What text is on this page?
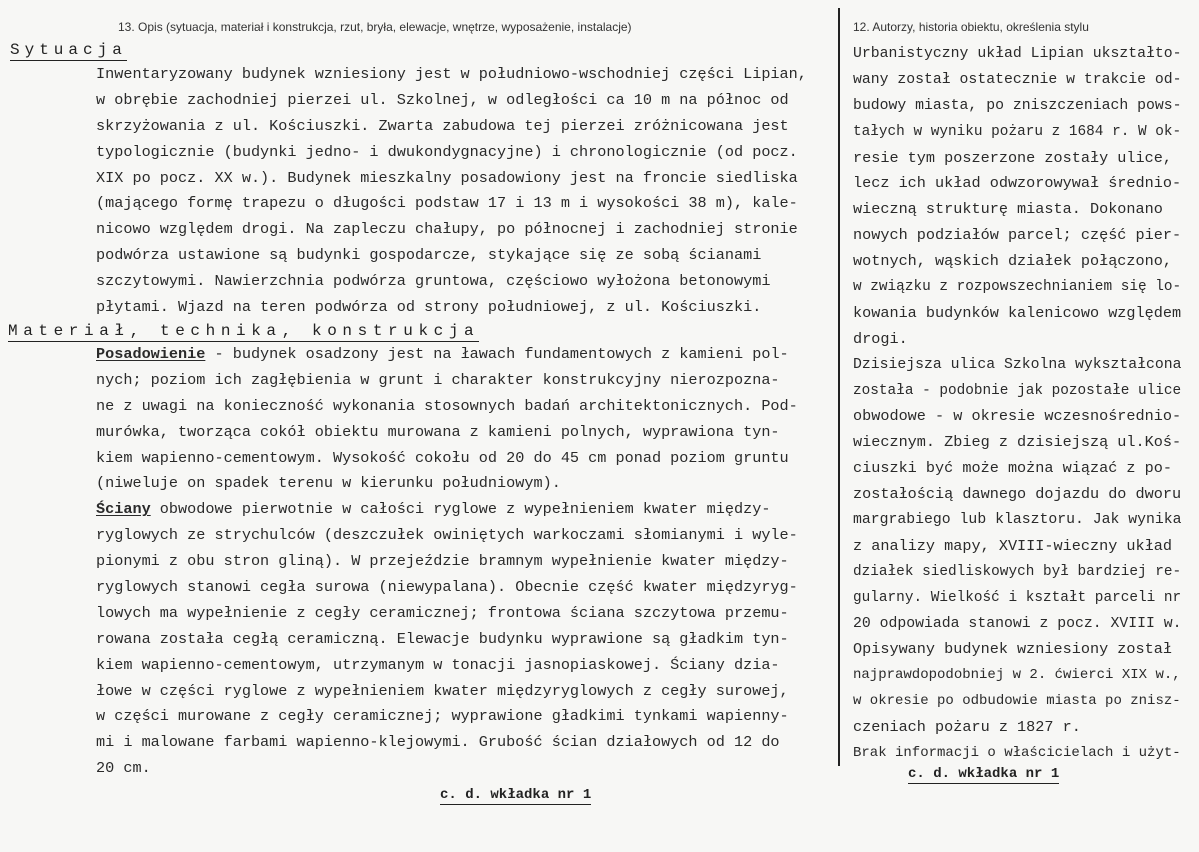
13. Opis (sytuacja, materiał i konstrukcja, rzut, bryła, elewacje, wnętrze, wyposażenie, instalacje)	12. Autorzy, historia obiektu, określenia stylu
Sytuacja
Inwentaryzowany budynek wzniesiony jest w południowo-wschodniej części Lipian,
w obrębie zachodniej pierzei ul. Szkolnej, w odległości ca 10 m na północ od
skrzyżowania z ul. Kościuszki. Zwarta zabudowa tej pierzei zróżnicowana jest
typologicznie (budynki jedno- i dwukondygnacyjne) i chronologicznie (od pocz.
XIX po pocz. XX w.). Budynek mieszkalny posadowiony jest na froncie siedliska
(mającego formę trapezu o długości podstaw 17 i 13 m i wysokości 38 m), kale-
nicowo względem drogi. Na zapleczu chałupy, po północnej i zachodniej stronie
podwórza ustawione są budynki gospodarcze, stykające się ze sobą ścianami
szczytowymi. Nawierzchnia podwórza gruntowa, częściowo wyłożona betonowymi
płytami. Wjazd na teren podwórza od strony południowej, z ul. Kościuszki.
Materiał, technika, konstrukcja
Posadowienie - budynek osadzony jest na ławach fundamentowych z kamieni pol-
nych; poziom ich zagłębienia w grunt i charakter konstrukcyjny nierozpozna-
ne z uwagi na konieczność wykonania stosownych badań architektonicznych. Pod-
murówka, tworząca cokół obiektu murowana z kamieni polnych, wyprawiona tyn-
kiem wapienno-cementowym. Wysokość cokołu od 20 do 45 cm ponad poziom gruntu
(niweluje on spadek terenu w kierunku południowym).
Ściany obwodowe pierwotnie w całości ryglowe z wypełnieniem kwater między-
ryglowych ze strychulców (deszczułek owiniętych warkoczami słomianymi i wyle-
pionymi z obu stron gliną). W przejeździe bramnym wypełnienie kwater między-
ryglowych stanowi cegła surowa (niewypalana). Obecnie część kwater międzyryg-
lowych ma wypełnienie z cegły ceramicznej; frontowa ściana szczytowa przemu-
rowana została cegłą ceramiczną. Elewacje budynku wyprawione są gładkim tyn-
kiem wapienno-cementowym, utrzymanym w tonacji jasnopiaskowej. Ściany dzia-
łowe w części ryglowe z wypełnieniem kwater międzyryglowych z cegły surowej,
w części murowane z cegły ceramicznej; wyprawione gładkimi tynkami wapienny-
mi i malowane farbami wapienno-klejowymi. Grubość ścian działowych od 12 do
20 cm.
c. d. wkładka nr 1
Urbanistyczny układ Lipian ukształto-
wany został ostatecznie w trakcie od-
budowy miasta, po zniszczeniach pows-
tałych w wyniku pożaru z 1684 r. W ok-
resie tym poszerzone zostały ulice,
lecz ich układ odwzorowywał średnio-
wieczną strukturę miasta. Dokonano
nowych podziałów parcel; część pier-
wotnych, wąskich działek połączono,
w związku z rozpowszechnianiem się lo-
kowania budynków kalenicowo względem
drogi.
Dzisiejsza ulica Szkolna wykształcona
została - podobnie jak pozostałe ulice
obwodowe - w okresie wczesnośrednio-
wiecznym. Zbieg z dzisiejszą ul.Koś-
ciuszki być może można wiązać z po-
zostałością dawnego dojazdu do dworu
margrabiego lub klasztoru. Jak wynika
z analizy mapy, XVIII-wieczny układ
działek siedliskowych był bardziej re-
gularny. Wielkość i kształt parceli nr
20 odpowiada stanowi z pocz. XVIII w.
Opisywany budynek wzniesiony został
najprawdopodobniej w 2. ćwierci XIX w.,
w okresie po odbudowie miasta po znisz-
czeniach pożaru z 1827 r.
Brak informacji o właścicielach i użyt-
c. d. wkładka nr 1
